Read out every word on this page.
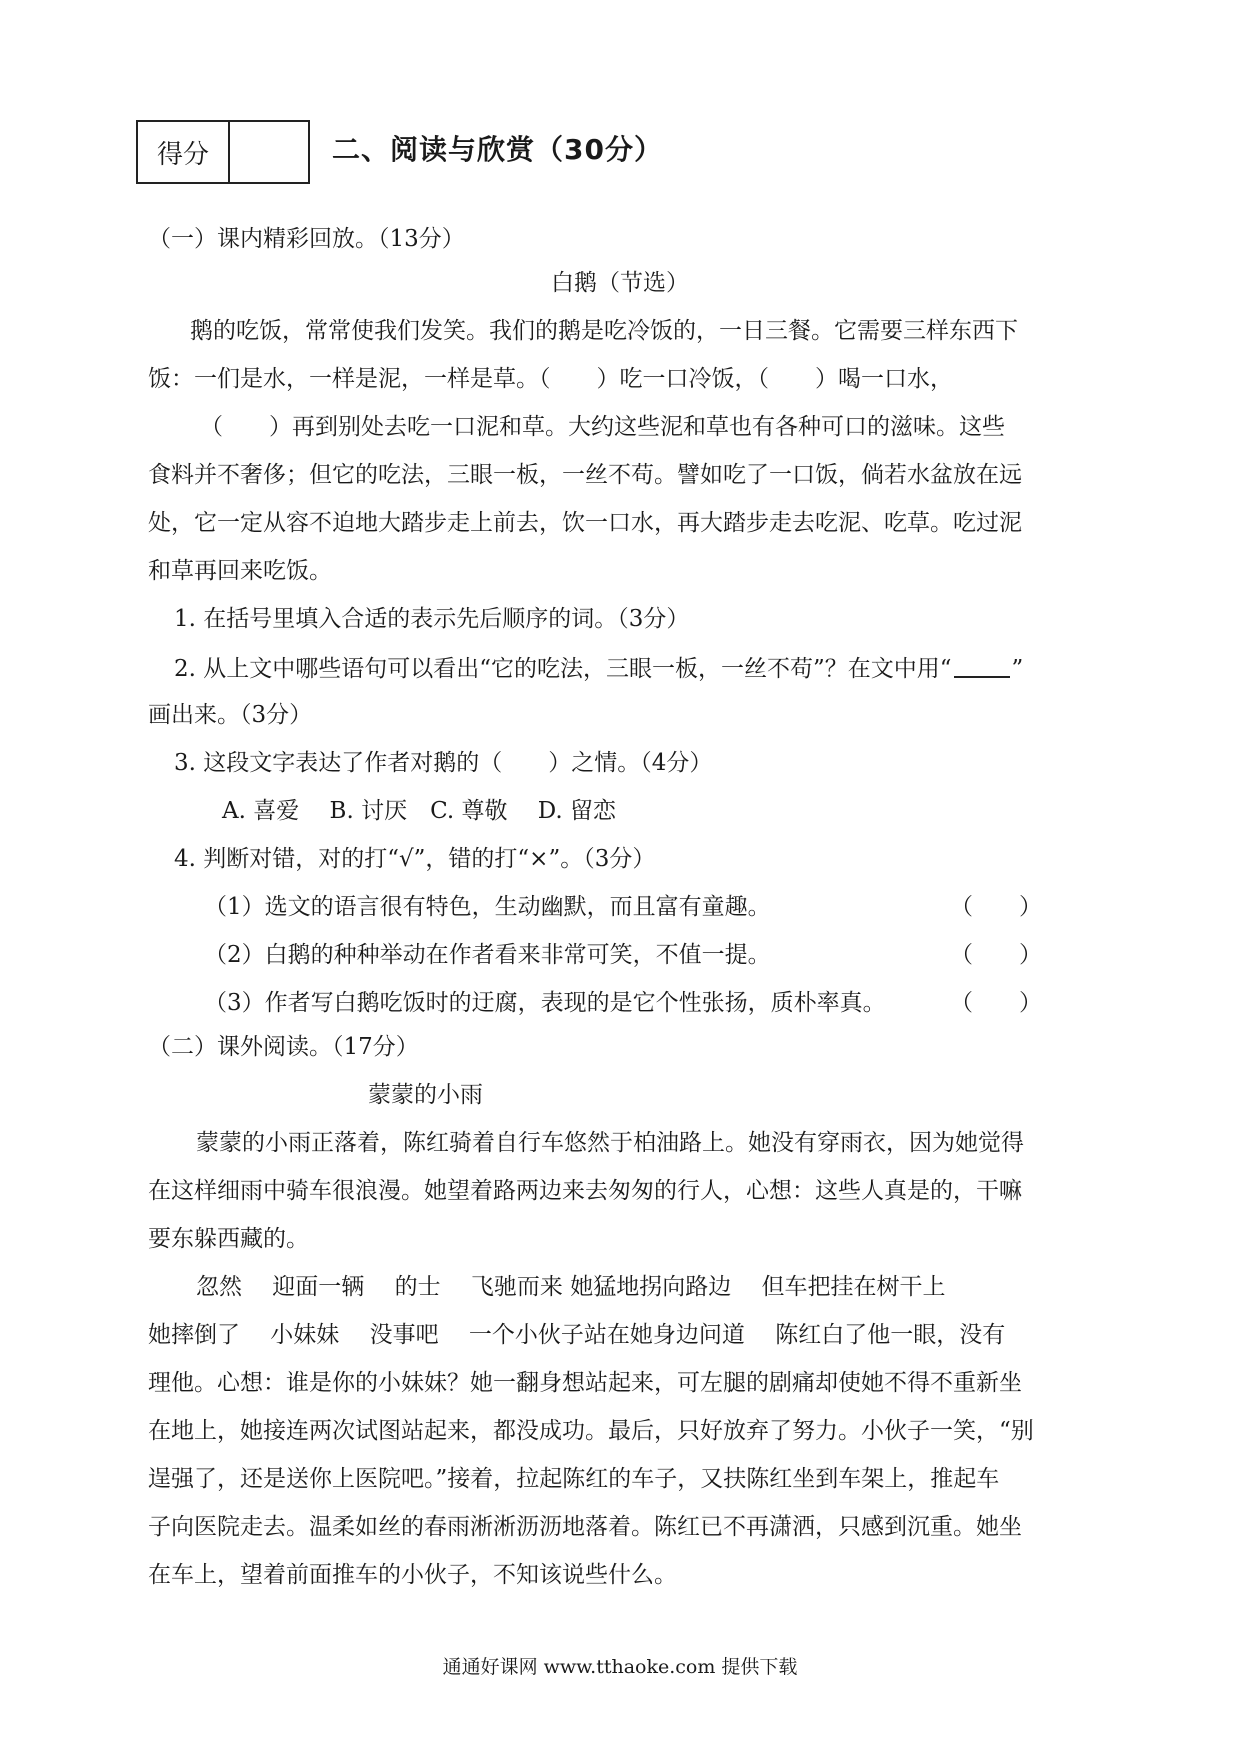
得分	二、阅读与欣赏（30分）
（一）课内精彩回放。（13分）
白鹅（节选）
鹅的吃饭，常常使我们发笑。我们的鹅是吃冷饭的，一日三餐。它需要三样东西下
饭：一们是水，一样是泥，一样是草。（　　）吃一口冷饭，（　　）喝一口水，
（　　）再到别处去吃一口泥和草。大约这些泥和草也有各种可口的滋味。这些
食料并不奢侈；但它的吃法，三眼一板，一丝不苟。譬如吃了一口饭，倘若水盆放在远
处，它一定从容不迫地大踏步走上前去，饮一口水，再大踏步走去吃泥、吃草。吃过泥
和草再回来吃饭。
1. 在括号里填入合适的表示先后顺序的词。（3分）
2. 从上文中哪些语句可以看出“它的吃法，三眼一板，一丝不苟”？在文中用“	”
画出来。（3分）
3. 这段文字表达了作者对鹅的（　　）之情。（4分）
A. 喜爱　 B. 讨厌　C. 尊敬　 D. 留恋
4. 判断对错，对的打“√”，错的打“×”。（3分）
（1）选文的语言很有特色，生动幽默，而且富有童趣。	（　　）
（2）白鹅的种种举动在作者看来非常可笑，不值一提。	（　　）
（3）作者写白鹅吃饭时的迂腐，表现的是它个性张扬，质朴率真。	（　　）
（二）课外阅读。（17分）
蒙蒙的小雨
蒙蒙的小雨正落着，陈红骑着自行车悠然于柏油路上。她没有穿雨衣，因为她觉得
在这样细雨中骑车很浪漫。她望着路两边来去匆匆的行人，心想：这些人真是的，干嘛
要东躲西藏的。
忽然　 迎面一辆　 的士　 飞驰而来 她猛地拐向路边　 但车把挂在树干上
她摔倒了　 小妹妹　 没事吧　 一个小伙子站在她身边问道　 陈红白了他一眼，没有
理他。心想：谁是你的小妹妹？她一翻身想站起来，可左腿的剧痛却使她不得不重新坐
在地上，她接连两次试图站起来，都没成功。最后，只好放弃了努力。小伙子一笑，“别
逞强了，还是送你上医院吧。”接着，拉起陈红的车子，又扶陈红坐到车架上，推起车
子向医院走去。温柔如丝的春雨淅淅沥沥地落着。陈红已不再潇洒，只感到沉重。她坐
在车上，望着前面推车的小伙子，不知该说些什么。
通通好课网 www.tthaoke.com 提供下载
